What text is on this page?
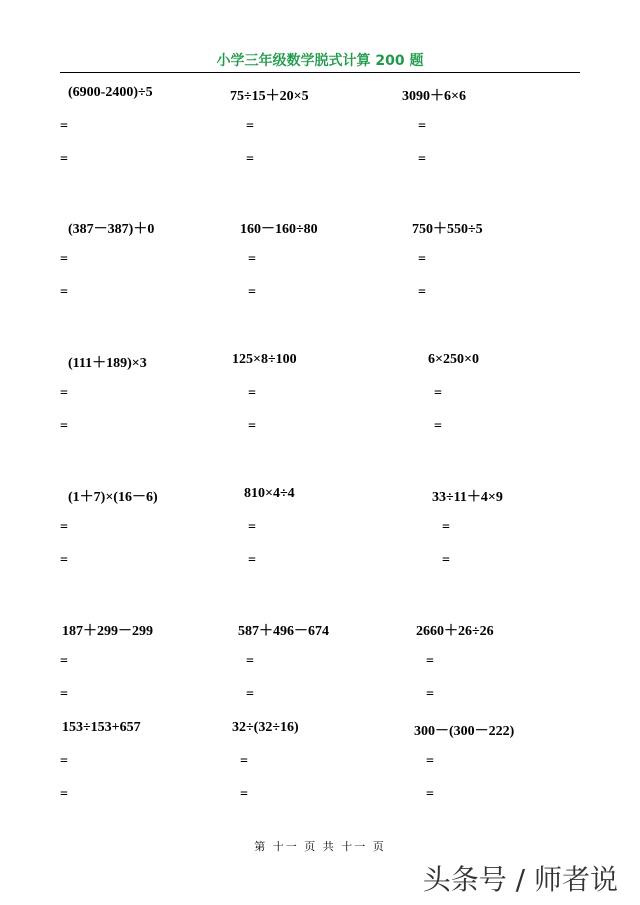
小学三年级数学脱式计算 200 题
(6900-2400)÷5
=
=
75÷15＋20×5
=
=
3090＋6×6
=
=
(387－387)＋0
=
=
160－160÷80
=
=
750＋550÷5
=
=
(111＋189)×3
=
=
125×8÷100
=
=
6×250×0
=
=
(1＋7)×(16－6)
=
=
810×4÷4
=
=
33÷11＋4×9
=
=
187＋299－299
=
=
587＋496－674
=
=
2660＋26÷26
=
=
153÷153+657
=
=
32÷(32÷16)
=
=
300－(300－222)
=
=
第 十一 页 共 十一 页
头条号 / 师者说
